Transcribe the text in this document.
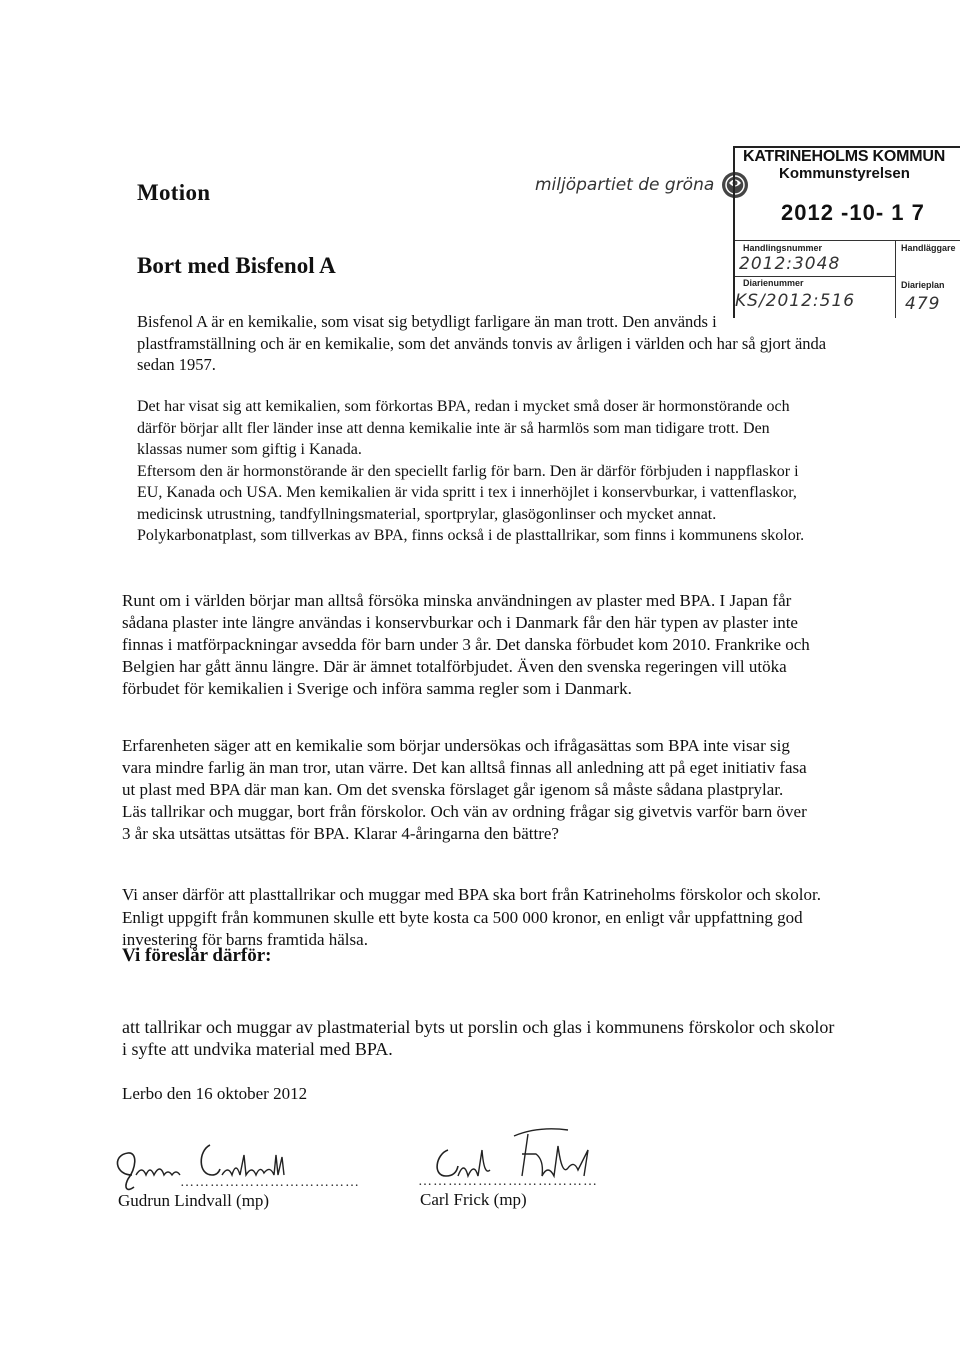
Motion	miljöpartiet de gröna
KATRINEHOLMS KOMMUN
Kommunstyrelsen
2012 -10- 1 7
Handlingsnummer	Handläggare
2012:3048
Diarienummer	Diarieplan
KS/2012:516	479
Bort med Bisfenol A

Bisfenol A är en kemikalie, som visat sig betydligt farligare än man trott. Den används i plastframställning och är en kemikalie, som det används tonvis av årligen i världen och har så gjort ända sedan 1957.

Det har visat sig att kemikalien, som förkortas BPA, redan i mycket små doser är hormonstörande och därför börjar allt fler länder inse att denna kemikalie inte är så harmlös som man tidigare trott. Den klassas numer som giftig i Kanada.

Eftersom den är hormonstörande är den speciellt farlig för barn. Den är därför förbjuden i nappflaskor i EU, Kanada och USA. Men kemikalien är vida spritt i tex i innerhöjlet i konservburkar, i vattenflaskor, medicinsk utrustning, tandfyllningsmaterial, sportprylar, glasögonlinser och mycket annat. Polykarbonatplast, som tillverkas av BPA, finns också i de plasttallrikar, som finns i kommunens skolor.

Runt om i världen börjar man alltså försöka minska användningen av plaster med BPA. I Japan får sådana plaster inte längre användas i konservburkar och i Danmark får den här typen av plaster inte finnas i matförpackningar avsedda för barn under 3 år. Det danska förbudet kom 2010. Frankrike och Belgien har gått ännu längre. Där är ämnet totalförbjudet. Även den svenska regeringen vill utöka förbudet för kemikalien i Sverige och införa samma regler som i Danmark.

Erfarenheten säger att en kemikalie som börjar undersökas och ifrågasättas som BPA inte visar sig vara mindre farlig än man tror, utan värre. Det kan alltså finnas all anledning att på eget initiativ fasa ut plast med BPA där man kan. Om det svenska förslaget går igenom så måste sådana plastprylar. Läs tallrikar och muggar, bort från förskolor. Och vän av ordning frågar sig givetvis varför barn över 3 år ska utsättas utsättas för BPA. Klarar 4-åringarna den bättre?

Vi anser därför att plasttallrikar och muggar med BPA ska bort från Katrineholms förskolor och skolor. Enligt uppgift från kommunen skulle ett byte kosta ca 500 000 kronor, en enligt vår uppfattning god investering för barns framtida hälsa.

Vi föreslår därför:
att tallrikar och muggar av plastmaterial byts ut porslin och glas i kommunens förskolor och skolor i syfte att undvika material med BPA.
Lerbo den 16 oktober 2012
………………………………
Gudrun Lindvall (mp)
………………………………
Carl Frick (mp)
